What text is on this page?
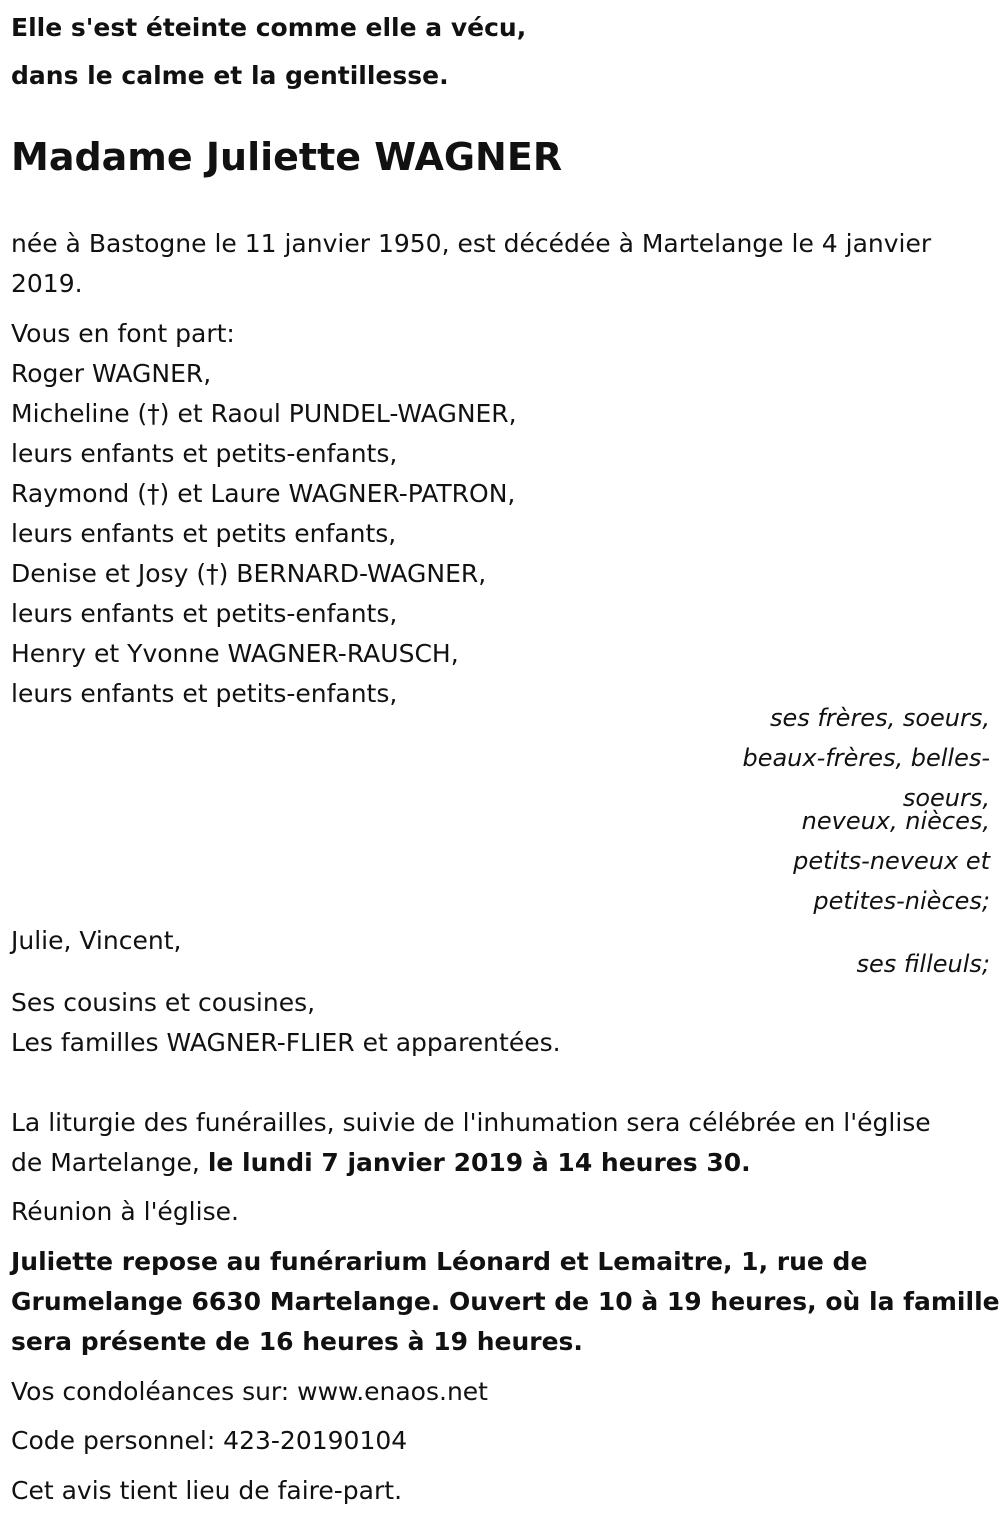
Elle s'est éteinte comme elle a vécu,
dans le calme et la gentillesse.
Madame Juliette WAGNER
née à Bastogne le 11 janvier 1950, est décédée à Martelange le 4 janvier
2019.
Vous en font part:
Roger WAGNER,
Micheline (†) et Raoul PUNDEL-WAGNER,
leurs enfants et petits-enfants,
Raymond (†) et Laure WAGNER-PATRON,
leurs enfants et petits enfants,
Denise et Josy (†) BERNARD-WAGNER,
leurs enfants et petits-enfants,
Henry et Yvonne WAGNER-RAUSCH,
leurs enfants et petits-enfants,
ses frères, soeurs,
beaux-frères, belles-
soeurs,
neveux, nièces,
petits-neveux et
petites-nièces;
Julie, Vincent,
ses filleuls;
Ses cousins et cousines,
Les familles WAGNER-FLIER et apparentées.
La liturgie des funérailles, suivie de l'inhumation sera célébrée en l'église
de Martelange, le lundi 7 janvier 2019 à 14 heures 30.
Réunion à l'église.
Juliette repose au funérarium Léonard et Lemaitre, 1, rue de
Grumelange 6630 Martelange. Ouvert de 10 à 19 heures, où la famille
sera présente de 16 heures à 19 heures.
Vos condoléances sur: www.enaos.net
Code personnel: 423-20190104
Cet avis tient lieu de faire-part.
